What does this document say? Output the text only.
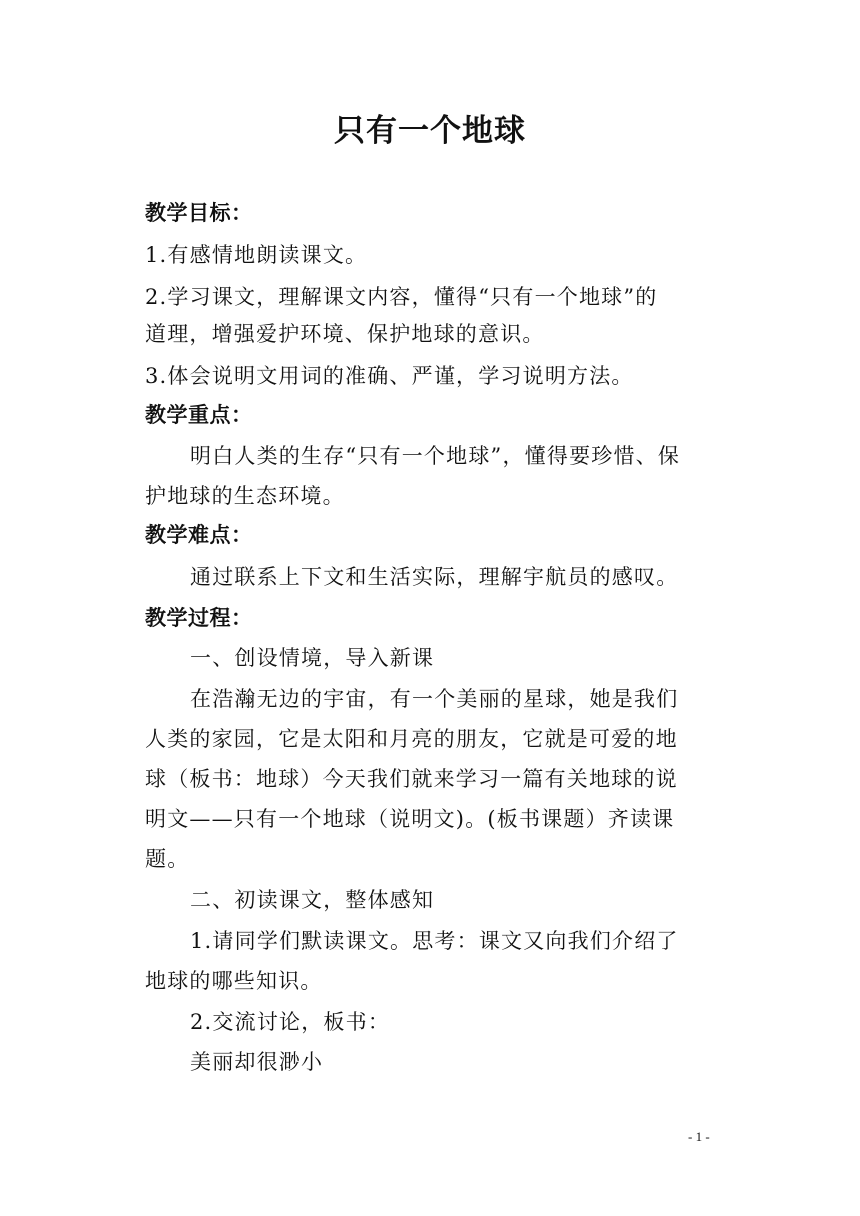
只有一个地球
教学目标：
1.有感情地朗读课文。
2.学习课文，理解课文内容，懂得“只有一个地球”的
道理，增强爱护环境、保护地球的意识。
3.体会说明文用词的准确、严谨，学习说明方法。
教学重点：
明白人类的生存“只有一个地球”，懂得要珍惜、保
护地球的生态环境。
教学难点：
通过联系上下文和生活实际，理解宇航员的感叹。
教学过程：
一、创设情境，导入新课
在浩瀚无边的宇宙，有一个美丽的星球，她是我们
人类的家园，它是太阳和月亮的朋友，它就是可爱的地
球（板书：地球）今天我们就来学习一篇有关地球的说
明文——只有一个地球（说明文)。(板书课题）齐读课
题。
二、初读课文，整体感知
1.请同学们默读课文。思考：课文又向我们介绍了
地球的哪些知识。
2.交流讨论，板书：
美丽却很渺小
- 1 -
